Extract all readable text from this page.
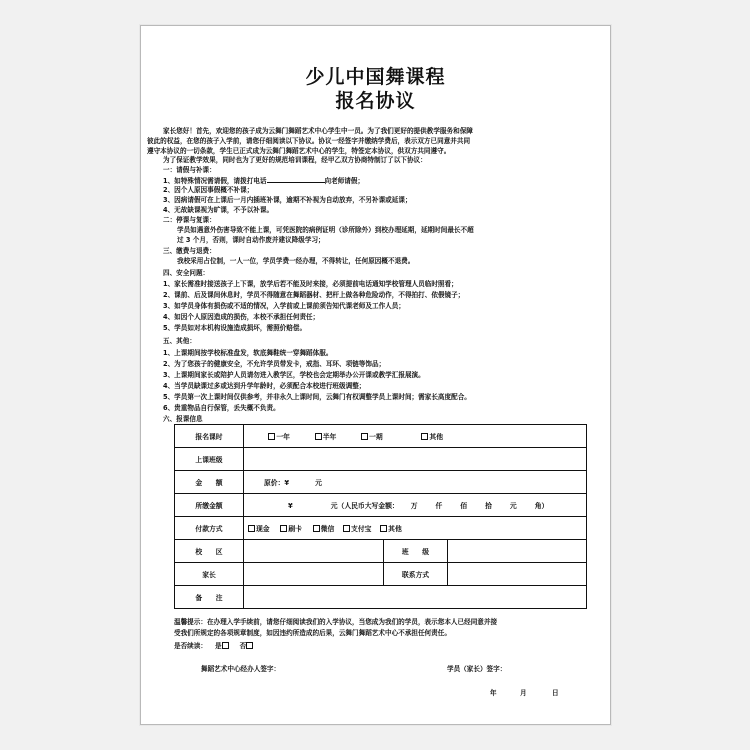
少儿中国舞课程
报名协议
家长您好！首先，欢迎您的孩子成为云舞门舞蹈艺术中心学生中一员。为了我们更好的提供教学服务和保障
彼此的权益，在您的孩子入学前，请您仔细阅读以下协议。协议一经签字并缴纳学费后，表示双方已同意并共同
遵守本协议的一切条款，学生已正式成为云舞门舞蹈艺术中心的学生，特签定本协议，供双方共同遵守。
为了保证教学效果，同时也为了更好的规范培训课程，经甲乙双方协商特制订了以下协议：
一：请假与补课：
1、如特殊情况需请假，请拨打电话	向老师请假；
2、因个人原因事假概不补课；
3、因病请假可在上课后一月内插班补课，逾期不补视为自动放弃，不另补课或延课；
4、无故缺课视为旷课，不予以补课。
二：停课与复课：
学员如遇意外伤害导致不能上课，可凭医院的病例证明（诊所除外）到校办理延期，延期时间最长不超
过 3 个月，否则，课时自动作废并建议降级学习；
三、缴费与退费：
我校采用占位制，一人一位，学员学费一经办理，不得转让，任何原因概不退费。
四、安全问题：
1、家长需准时接送孩子上下课，放学后若不能及时来接，必须提前电话通知学校管理人员临时照看；
2、课前、后及课间休息时，学员不得随意在舞蹈器材、把杆上做各种危险动作，不得拍打、依偎镜子；
3、如学员身体有损伤或不适的情况，入学前或上课前须告知代课老师及工作人员；
4、如因个人原因造成的损伤，本校不承担任何责任；
5、学员如对本机构设施造成损坏，需照价赔偿。
五、其他：
1、上课期间按学校标准盘发，软底舞鞋统一穿舞蹈体服。
2、为了您孩子的健康安全，不允许学员带发卡，戒指、耳环、项链等饰品；
3、上课期间家长或陪护人员请勿进入教学区，学校也会定期举办公开课或教学汇报展演。
4、当学员缺课过多或达到升学年龄时，必须配合本校进行班级调整；
5、学员第一次上课时间仅供参考，并非永久上课时间，云舞门有权调整学员上课时间；需家长高度配合。
6、贵重物品自行保管，丢失概不负责。
六、报课信息
报名课时	一年 半年 一期 其他		
上课班级			
金　　额	原价：¥ 元		
所缴金额	¥ 元（人民币大写金额： 万 仟 佰 拾 元 角）		
付款方式	现金 刷卡 微信 支付宝 其他		
校　　区		班　　级	
家长		联系方式	
备　　注			
温馨提示：在办理入学手续前，请您仔细阅读我们的入学协议，当您成为我们的学员，表示您本人已经同意并接
受我们所规定的各项规章制度，如因违约所造成的后果，云舞门舞蹈艺术中心不承担任何责任。
是否续读： 是	否
舞蹈艺术中心经办人签字：	学员（家长）签字：
年	月	日
